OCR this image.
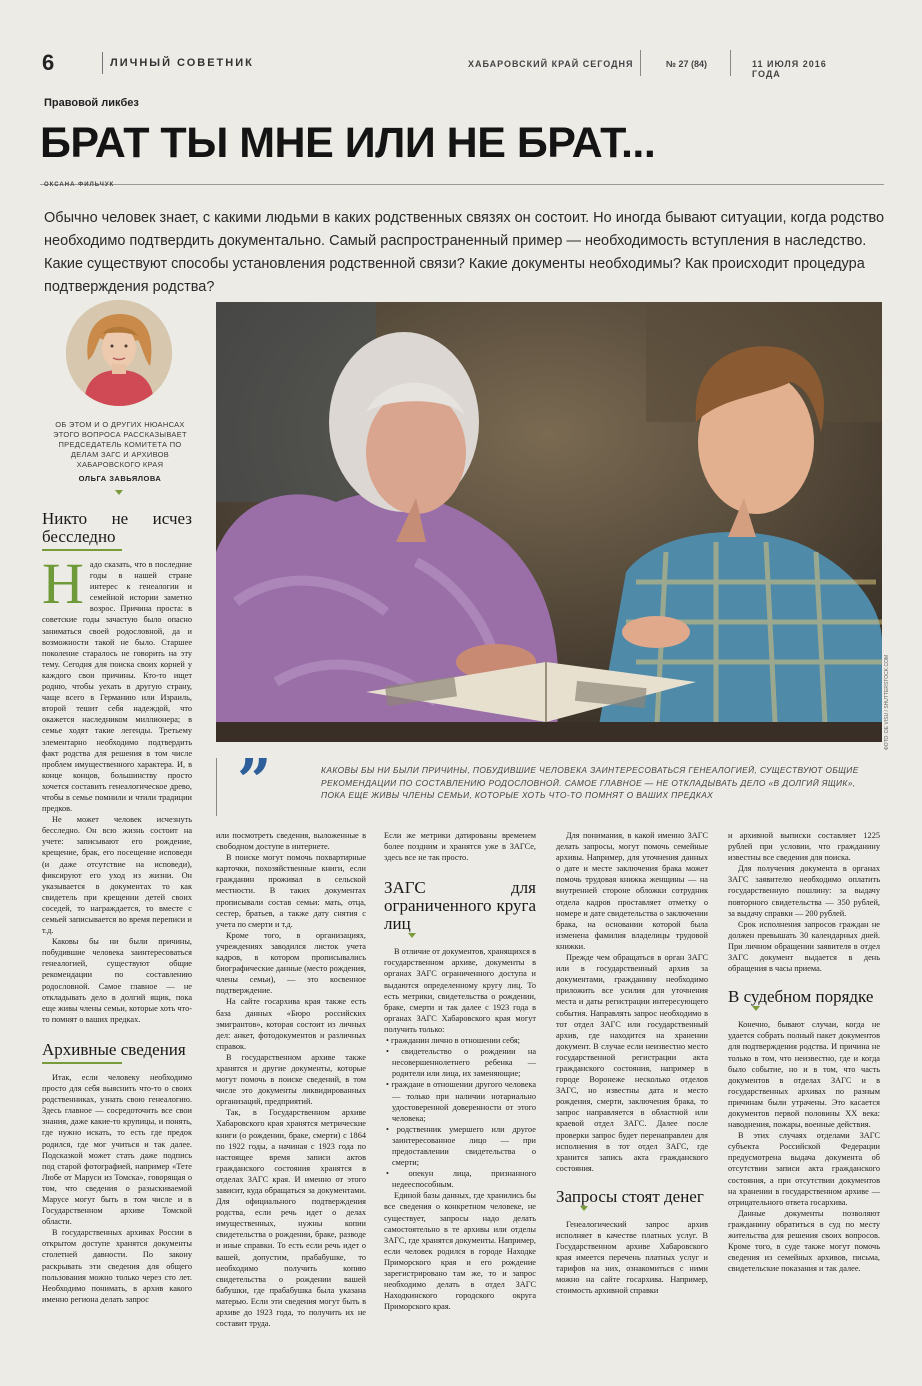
6	ЛИЧНЫЙ СОВЕТНИК	ХАБАРОВСКИЙ КРАЙ СЕГОДНЯ	№ 27 (84)	11 ИЮЛЯ 2016 ГОДА
Правовой ликбез
БРАТ ТЫ МНЕ ИЛИ НЕ БРАТ...
ОКСАНА ФИЛЬЧУК
Обычно человек знает, с какими людьми в каких родственных связях он состоит. Но иногда бывают ситуации, когда родство необходимо подтвердить документально. Самый распространенный пример — необходимость вступления в наследство. Какие существуют способы установления родственной связи? Какие документы необходимы? Как происходит процедура подтверждения родства?
ОБ ЭТОМ И О ДРУГИХ НЮАНСАХ ЭТОГО ВОПРОСА РАССКАЗЫВАЕТ ПРЕДСЕДАТЕЛЬ КОМИТЕТА ПО ДЕЛАМ ЗАГС И АРХИВОВ ХАБАРОВСКОГО КРАЯ
ОЛЬГА ЗАВЬЯЛОВА
ФОТО: DE VISU / SHUTTERSTOCK.COM
”	КАКОВЫ БЫ НИ БЫЛИ ПРИЧИНЫ, ПОБУДИВШИЕ ЧЕЛОВЕКА ЗАИНТЕРЕСОВАТЬСЯ ГЕНЕАЛОГИЕЙ, СУЩЕСТВУЮТ ОБЩИЕ РЕКОМЕНДАЦИИ ПО СОСТАВЛЕНИЮ РОДОСЛОВНОЙ. САМОЕ ГЛАВНОЕ — НЕ ОТКЛАДЫВАТЬ ДЕЛО «В ДОЛГИЙ ЯЩИК», ПОКА ЕЩЕ ЖИВЫ ЧЛЕНЫ СЕМЬИ, КОТОРЫЕ ХОТЬ ЧТО-ТО ПОМНЯТ О ВАШИХ ПРЕДКАХ
Никто не исчез бесследно

Надо сказать, что в последние годы в нашей стране интерес к генеалогии и семейной истории заметно возрос. Причина проста: в советские годы зачастую было опасно заниматься своей родословной, да и возможности такой не было. Старшее поколение старалось не говорить на эту тему. Сегодня для поиска своих корней у каждого свои причины. Кто-то ищет родню, чтобы уехать в другую страну, чаще всего в Германию или Израиль, второй тешит себя надеждой, что окажется наследником миллионера; в семье ходят такие легенды. Третьему элементарно необходимо подтвердить факт родства для решения в том числе проблем имущественного характера. И, в конце концов, большинству просто хочется составить генеалогическое древо, чтобы в семье помнили и чтили традиции предков.

Не может человек исчезнуть бесследно. Он всю жизнь состоит на учете: записывают его рождение, крещение, брак, его посещение исповеди (и даже отсутствие на исповеди), фиксируют его уход из жизни. Он указывается в документах то как свидетель при крещении детей своих соседей, то награждается, то вместе с семьей записывается во время переписи и т.д.

Каковы бы ни были причины, побудившие человека заинтересоваться генеалогией, существуют общие рекомендации по составлению родословной. Самое главное — не откладывать дело в долгий ящик, пока еще живы члены семьи, которые хоть что-то помнят о ваших предках.

Архивные сведения

Итак, если человеку необходимо просто для себя выяснить что-то о своих родственниках, узнать свою генеалогию. Здесь главное — сосредоточить все свои знания, даже какие-то крупицы, и понять, где нужно искать, то есть где предок родился, где мог учиться и так далее. Подсказкой может стать даже подпись под старой фотографией, например «Тете Любе от Маруси из Томска», говорящая о том, что сведения о разыскиваемой Марусе могут быть в том числе и в Государственном архиве Томской области.

В государственных архивах России в открытом доступе хранятся документы столетней давности. По закону раскрывать эти сведения для общего пользования можно только через сто лет. Необходимо понимать, в архив какого именно региона делать запрос

или посмотреть сведения, выложенные в свободном доступе в интернете.

В поиске могут помочь похвартирные карточки, похозяйственные книги, если гражданин проживал в сельской местности. В таких документах прописывали состав семьи: мать, отца, сестер, братьев, а также дату снятия с учета по смерти и т.д.

Кроме того, в организациях, учреждениях заводился листок учета кадров, в котором прописывались биографические данные (место рождения, члены семьи), — это косвенное подтверждение.

На сайте госархива края также есть база данных «Бюро российских эмигрантов», которая состоит из личных дел: анкет, фотодокументов и различных справок.

В государственном архиве также хранятся и другие документы, которые могут помочь в поиске сведений, в том числе это документы ликвидированных организаций, предприятий.

Так, в Государственном архиве Хабаровского края хранятся метрические книги (о рождении, браке, смерти) с 1864 по 1922 годы, а начиная с 1923 года по настоящее время записи актов гражданского состояния хранятся в отделах ЗАГС края. И именно от этого зависит, куда обращаться за документами. Для официального подтверждения родства, если речь идет о делах имущественных, нужны копии свидетельства о рождении, браке, разводе и иные справки. То есть если речь идет о вашей, допустим, прабабушке, то необходимо получить копию свидетельства о рождении вашей бабушки, где прабабушка была указана матерью. Если эти сведения могут быть в архиве до 1923 года, то получить их не составит труда.

Если же метрики датированы временем более поздним и хранятся уже в ЗАГСе, здесь все не так просто.

ЗАГС для ограниченного круга лиц

В отличие от документов, хранящихся в государственном архиве, документы в органах ЗАГС ограниченного доступа и выдаются определенному кругу лиц. То есть метрики, свидетельства о рождении, браке, смерти и так далее с 1923 года в органах ЗАГС Хабаровского края могут получить только:

• гражданин лично в отношении себя;
• свидетельство о рождении на несовершеннолетнего ребенка — родители или лица, их заменяющие;
• граждане в отношении другого человека — только при наличии нотариально удостоверенной доверенности от этого человека;
• родственник умершего или другое заинтересованное лицо — при предоставлении свидетельства о смерти;
• опекун лица, признанного недееспособным.

Единой базы данных, где хранились бы все сведения о конкретном человеке, не существует, запросы надо делать самостоятельно в те архивы или отделы ЗАГС, где хранятся документы. Например, если человек родился в городе Находке Приморского края и его рождение зарегистрировано там же, то и запрос необходимо делать в отдел ЗАГС Находкинского городского округа Приморского края.

Для понимания, в какой именно ЗАГС делать запросы, могут помочь семейные архивы. Например, для уточнения данных о дате и месте заключения брака может помочь трудовая книжка женщины — на внутренней стороне обложки сотрудник отдела кадров проставляет отметку о номере и дате свидетельства о заключении брака, на основании которой была изменена фамилия владелицы трудовой книжки.

Прежде чем обращаться в орган ЗАГС или в государственный архив за документами, гражданину необходимо приложить все усилия для уточнения места и даты регистрации интересующего события. Направлять запрос необходимо в тот отдел ЗАГС или государственный архив, где находится на хранении документ. В случае если неизвестно место государственной регистрации акта гражданского состояния, например в городе Воронеже несколько отделов ЗАГС, но известны дата и место рождения, смерти, заключения брака, то запрос направляется в областной или краевой отдел ЗАГС. Далее после проверки запрос будет перенаправлен для исполнения в тот отдел ЗАГС, где хранится запись акта гражданского состояния.

Запросы стоят денег

Генеалогический запрос архив исполняет в качестве платных услуг. В Государственном архиве Хабаровского края имеется перечень платных услуг и тарифов на них, ознакомиться с ними можно на сайте госархива. Например, стоимость архивной справки

и архивной выписки составляет 1225 рублей при условии, что гражданину известны все сведения для поиска.

Для получения документа в органах ЗАГС заявителю необходимо оплатить государственную пошлину: за выдачу повторного свидетельства — 350 рублей, за выдачу справки — 200 рублей.

Срок исполнения запросов граждан не должен превышать 30 календарных дней. При личном обращении заявителя в отдел ЗАГС документ выдается в день обращения в часы приема.

В судебном порядке

Конечно, бывают случаи, когда не удается собрать полный пакет документов для подтверждения родства. И причина не только в том, что неизвестно, где и когда было событие, но и в том, что часть документов в отделах ЗАГС и в государственных архивах по разным причинам были утрачены. Это касается документов первой половины XX века: наводнения, пожары, военные действия.

В этих случаях отделами ЗАГС субъекта Российской Федерации предусмотрена выдача документа об отсутствии записи акта гражданского состояния, а при отсутствии документов на хранении в государственном архиве — отрицательного ответа госархива.

Данные документы позволяют гражданину обратиться в суд по месту жительства для решения своих вопросов. Кроме того, в суде также могут помочь сведения из семейных архивов, письма, свидетельские показания и так далее.
